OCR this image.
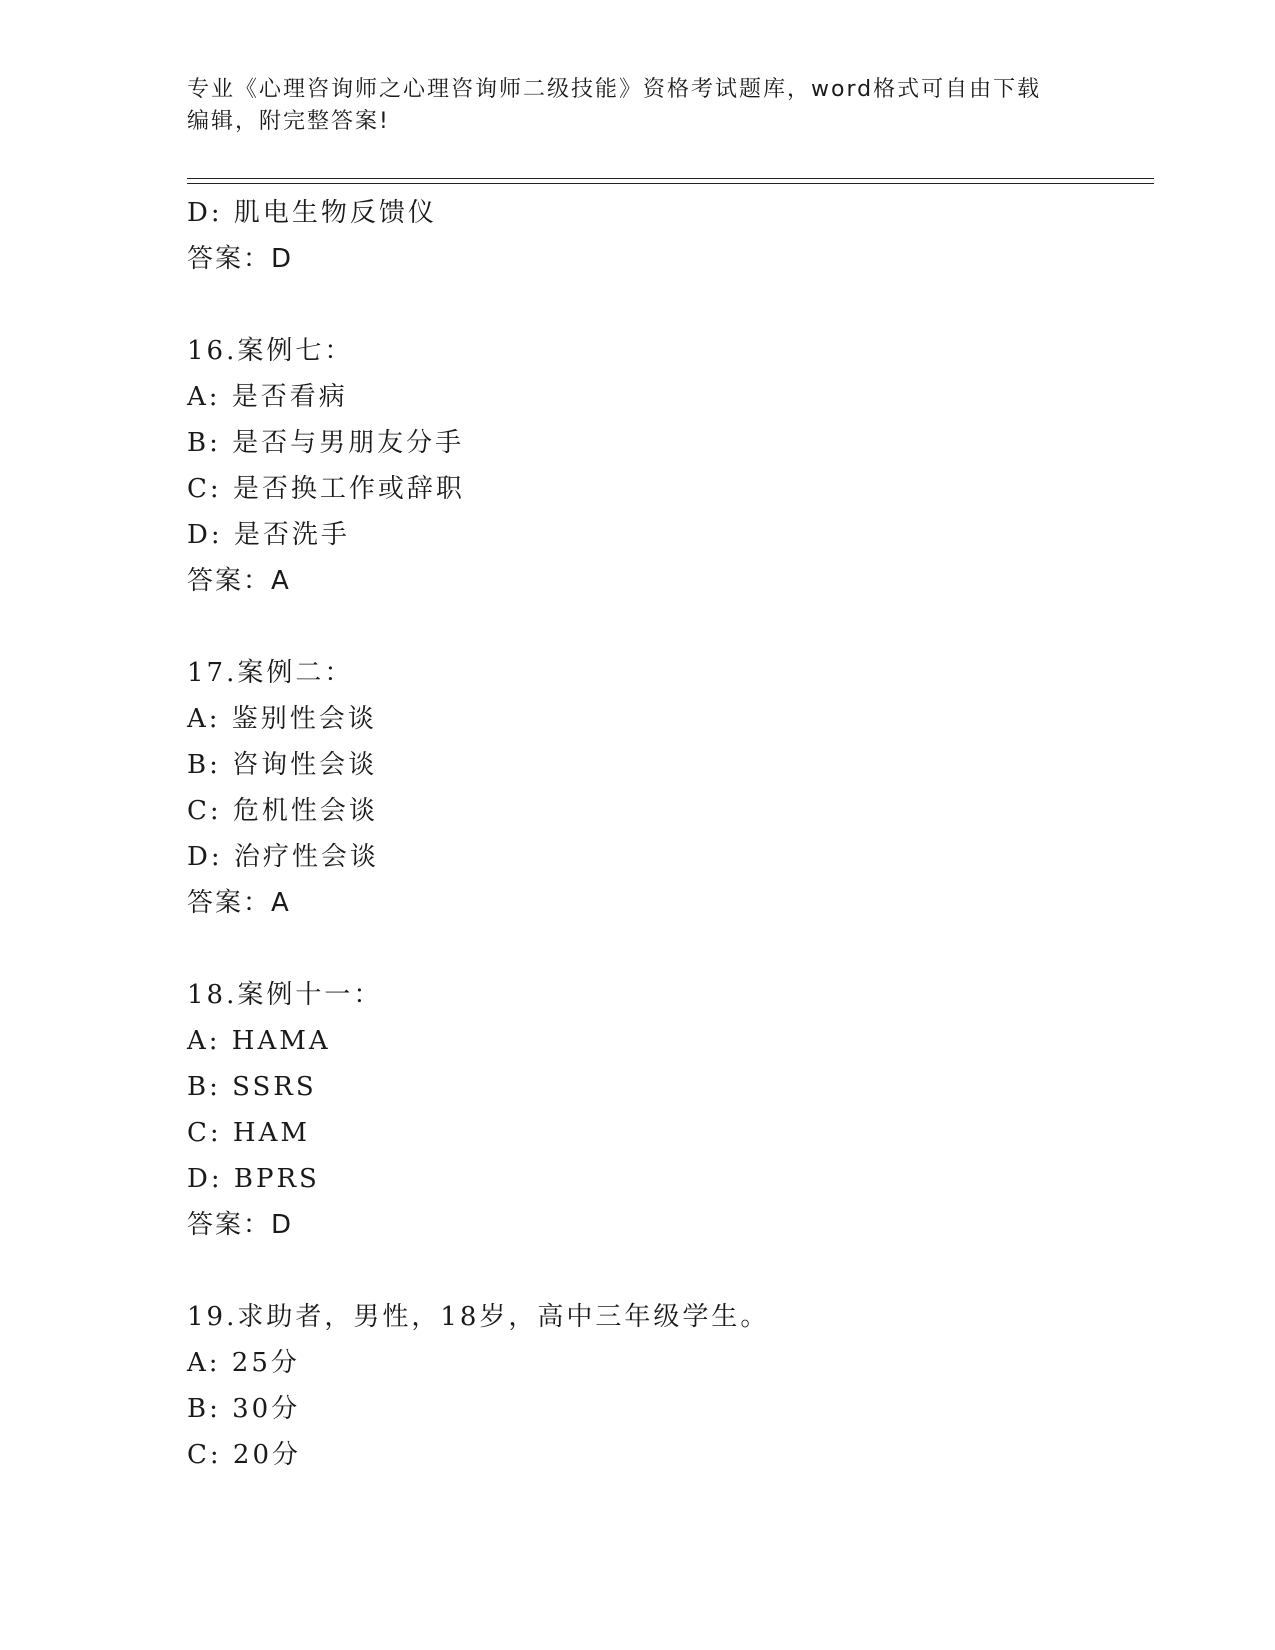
专业《心理咨询师之心理咨询师二级技能》资格考试题库，word格式可自由下载
编辑，附完整答案!
D: 肌电生物反馈仪
答案：D
16.案例七：
A: 是否看病
B: 是否与男朋友分手
C: 是否换工作或辞职
D: 是否洗手
答案：A
17.案例二：
A: 鉴别性会谈
B: 咨询性会谈
C: 危机性会谈
D: 治疗性会谈
答案：A
18.案例十一：
A: HAMA
B: SSRS
C: HAM
D: BPRS
答案：D
19.求助者，男性，18岁，高中三年级学生。
A: 25分
B: 30分
C: 20分
